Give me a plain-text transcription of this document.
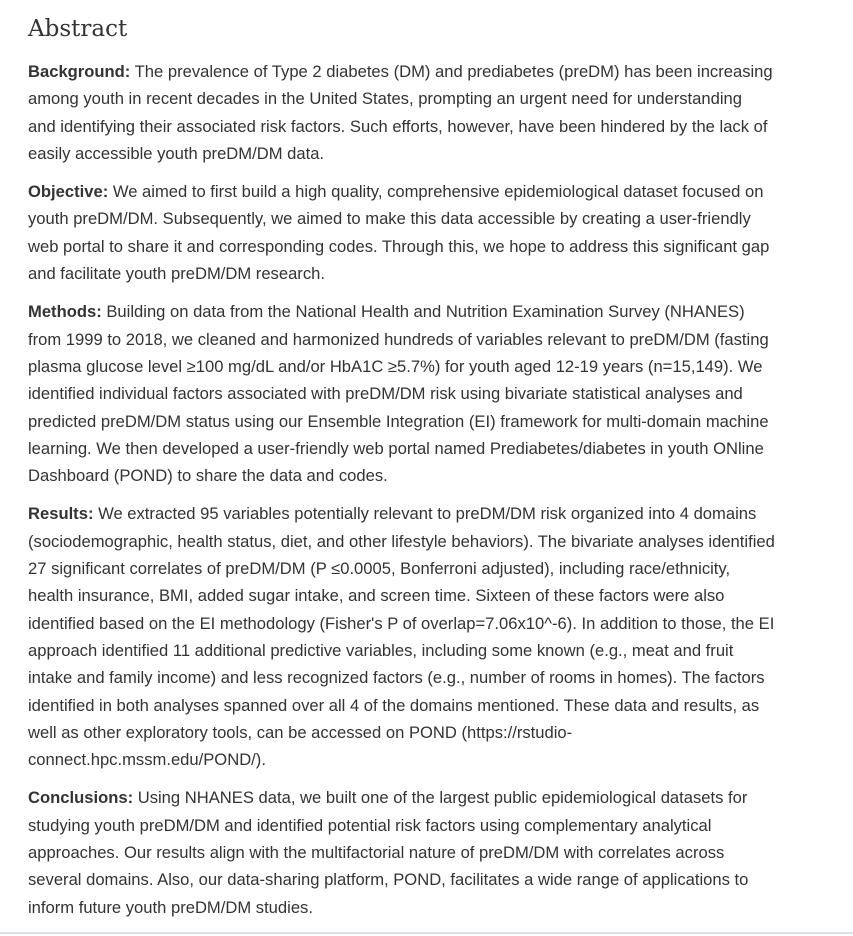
Abstract

Background: The prevalence of Type 2 diabetes (DM) and prediabetes (preDM) has been increasing
among youth in recent decades in the United States, prompting an urgent need for understanding
and identifying their associated risk factors. Such efforts, however, have been hindered by the lack of
easily accessible youth preDM/DM data.

Objective: We aimed to first build a high quality, comprehensive epidemiological dataset focused on
youth preDM/DM. Subsequently, we aimed to make this data accessible by creating a user-friendly
web portal to share it and corresponding codes. Through this, we hope to address this significant gap
and facilitate youth preDM/DM research.

Methods: Building on data from the National Health and Nutrition Examination Survey (NHANES)
from 1999 to 2018, we cleaned and harmonized hundreds of variables relevant to preDM/DM (fasting
plasma glucose level ≥100 mg/dL and/or HbA1C ≥5.7%) for youth aged 12-19 years (n=15,149). We
identified individual factors associated with preDM/DM risk using bivariate statistical analyses and
predicted preDM/DM status using our Ensemble Integration (EI) framework for multi-domain machine
learning. We then developed a user-friendly web portal named Prediabetes/diabetes in youth ONline
Dashboard (POND) to share the data and codes.

Results: We extracted 95 variables potentially relevant to preDM/DM risk organized into 4 domains
(sociodemographic, health status, diet, and other lifestyle behaviors). The bivariate analyses identified
27 significant correlates of preDM/DM (P ≤0.0005, Bonferroni adjusted), including race/ethnicity,
health insurance, BMI, added sugar intake, and screen time. Sixteen of these factors were also
identified based on the EI methodology (Fisher's P of overlap=7.06x10^-6). In addition to those, the EI
approach identified 11 additional predictive variables, including some known (e.g., meat and fruit
intake and family income) and less recognized factors (e.g., number of rooms in homes). The factors
identified in both analyses spanned over all 4 of the domains mentioned. These data and results, as
well as other exploratory tools, can be accessed on POND (https://rstudio-
connect.hpc.mssm.edu/POND/).

Conclusions: Using NHANES data, we built one of the largest public epidemiological datasets for
studying youth preDM/DM and identified potential risk factors using complementary analytical
approaches. Our results align with the multifactorial nature of preDM/DM with correlates across
several domains. Also, our data-sharing platform, POND, facilitates a wide range of applications to
inform future youth preDM/DM studies.
